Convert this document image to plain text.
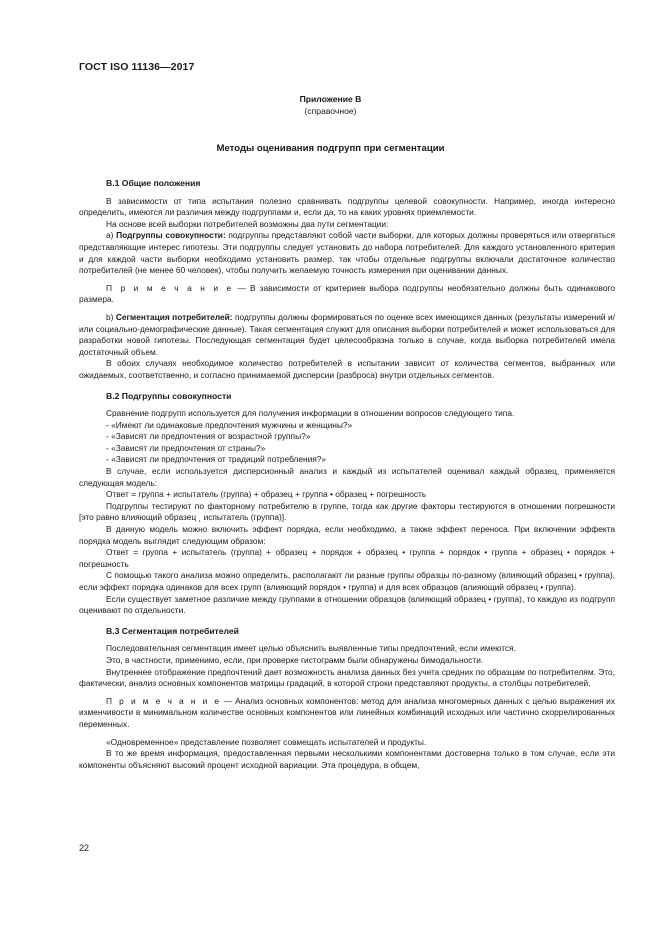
ГОСТ ISO 11136—2017
Приложение В
(справочное)
Методы оценивания подгрупп при сегментации
В.1 Общие положения

В зависимости от типа испытания полезно сравнивать подгруппы целевой совокупности. Например, иногда интересно определить, имеются ли различия между подгруппами и, если да, то на каких уровнях приемлемости.

На основе всей выборки потребителей возможны два пути сегментации:

а) Подгруппы совокупности: подгруппы представляют собой части выборки, для которых должны проверяться или отвергаться представляющие интерес гипотезы. Эти подгруппы следует установить до набора потребителей. Для каждого установленного критерия и для каждой части выборки необходимо установить размер, так чтобы отдельные подгруппы включали достаточное количество потребителей (не менее 60 человек), чтобы получить желаемую точность измерения при оценивании данных.

П р и м е ч а н и е — В зависимости от критериев выбора подгруппы необязательно должны быть одинакового размера.

b) Сегментация потребителей: подгруппы должны формироваться по оценке всех имеющихся данных (результаты измерений и/или социально-демографические данные). Такая сегментация служит для описания выборки потребителей и может использоваться для разработки новой гипотезы. Последующая сегментация будет целесообразна только в случае, когда выборка потребителей имела достаточный объем.

В обоих случаях необходимое количество потребителей в испытании зависит от количества сегментов, выбранных или ожидаемых, соответственно, и согласно принимаемой дисперсии (разброса) внутри отдельных сегментов.

В.2 Подгруппы совокупности

Сравнение подгрупп используется для получения информации в отношении вопросов следующего типа.

- «Имеют ли одинаковые предпочтения мужчины и женщины?»

- «Зависят ли предпочтения от возрастной группы?»

- «Зависят ли предпочтения от страны?»

- «Зависят ли предпочтения от традиций потребления?»

В случае, если используется дисперсионный анализ и каждый из испытателей оценивал каждый образец, применяется следующая модель:

Ответ = группа + испытатель (группа) + образец + группа • образец + погрешность

Подгруппы тестируют по факторному потребителю в группе, тогда как другие факторы тестируются в отношении погрешности [это равно влияющий образец ˛ испытатель (группа)].

В данную модель можно включить эффект порядка, если необходимо, а также эффект переноса. При включении эффекта порядка модель выглядит следующим образом:

Ответ = группа + испытатель (группа) + образец + порядок + образец • группа + порядок • группа + образец • порядок + погрешность

С помощью такого анализа можно определить, располагают ли разные группы образцы по-разному (влияющий образец • группа), если эффект порядка одинаков для всех групп (влияющий порядок • группа) и для всех образцов (влияющий образец • группа).

Если существует заметное различие между группами в отношении образцов (влияющий образец • группа), то каждую из подгрупп оценивают по отдельности.

В.3 Сегментация потребителей

Последовательная сегментация имеет целью объяснить выявленные типы предпочтений, если имеются.

Это, в частности, применимо, если, при проверке гистограмм были обнаружены бимодальности.

Внутреннее отображение предпочтений дает возможность анализа данных без учета средних по образцам по потребителям. Это, фактически, анализ основных компонентов матрицы градаций, в которой строки представляют продукты, а столбцы потребителей.

П р и м е ч а н и е — Анализ основных компонентов: метод для анализа многомерных данных с целью выражения их изменчивости в минимальном количестве основных компонентов или линейных комбинаций исходных или частично скоррелированных переменных.

«Одновременное» представление позволяет совмещать испытателей и продукты.

В то же время информация, предоставленная первыми несколькими компонентами достоверна только в том случае, если эти компоненты объясняют высокий процент исходной вариации. Эта процедура, в общем,

22
